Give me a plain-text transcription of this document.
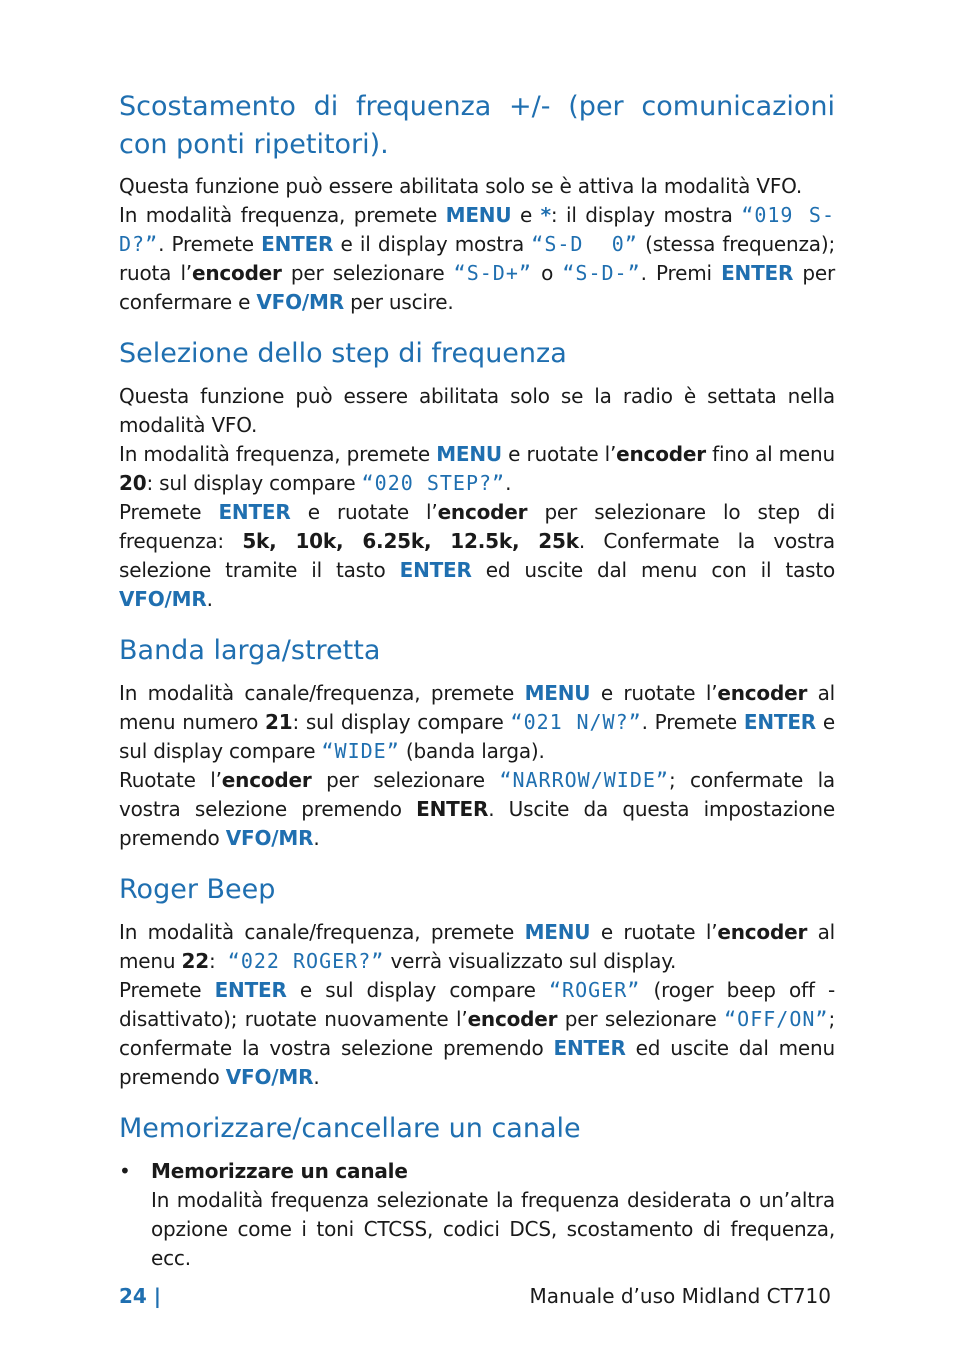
Scostamento di frequenza +/- (per comunicazioni con ponti ripetitori).

Questa funzione può essere abilitata solo se è attiva la modalità VFO.

In modalità frequenza, premete MENU e *: il display mostra “019 S-D?”. Premete ENTER e il display mostra “S-D  0” (stessa frequenza); ruota l’encoder per selezionare “S-D+” o “S-D-”. Premi ENTER per confermare e VFO/MR per uscire.

Selezione dello step di frequenza

Questa funzione può essere abilitata solo se la radio è settata nella modalità VFO.

In modalità frequenza, premete MENU e ruotate l’encoder fino al menu 20: sul display compare “020 STEP?”.

Premete ENTER e ruotate l’encoder per selezionare lo step di frequenza: 5k, 10k, 6.25k, 12.5k, 25k. Confermate la vostra selezione tramite il tasto ENTER ed uscite dal menu con il tasto VFO/MR.

Banda larga/stretta

In modalità canale/frequenza, premete MENU e ruotate l’encoder al menu numero 21: sul display compare “021 N/W?”. Premete ENTER e sul display compare “WIDE” (banda larga).

Ruotate l’encoder per selezionare “NARROW/WIDE”; confermate la vostra selezione premendo ENTER. Uscite da questa impostazione premendo VFO/MR.

Roger Beep

In modalità canale/frequenza, premete MENU e ruotate l’encoder al menu 22:  “022 ROGER?” verrà visualizzato sul display.

Premete ENTER e sul display compare “ROGER” (roger beep off - disattivato); ruotate nuovamente l’encoder per selezionare “OFF/ON”; confermate la vostra selezione premendo ENTER ed uscite dal menu premendo VFO/MR.

Memorizzare/cancellare un canale
• Memorizzare un canale

In modalità frequenza selezionate la frequenza desiderata o un’altra opzione come i toni CTCSS, codici DCS, scostamento di frequenza, ecc.

24 |	Manuale d’uso Midland CT710
